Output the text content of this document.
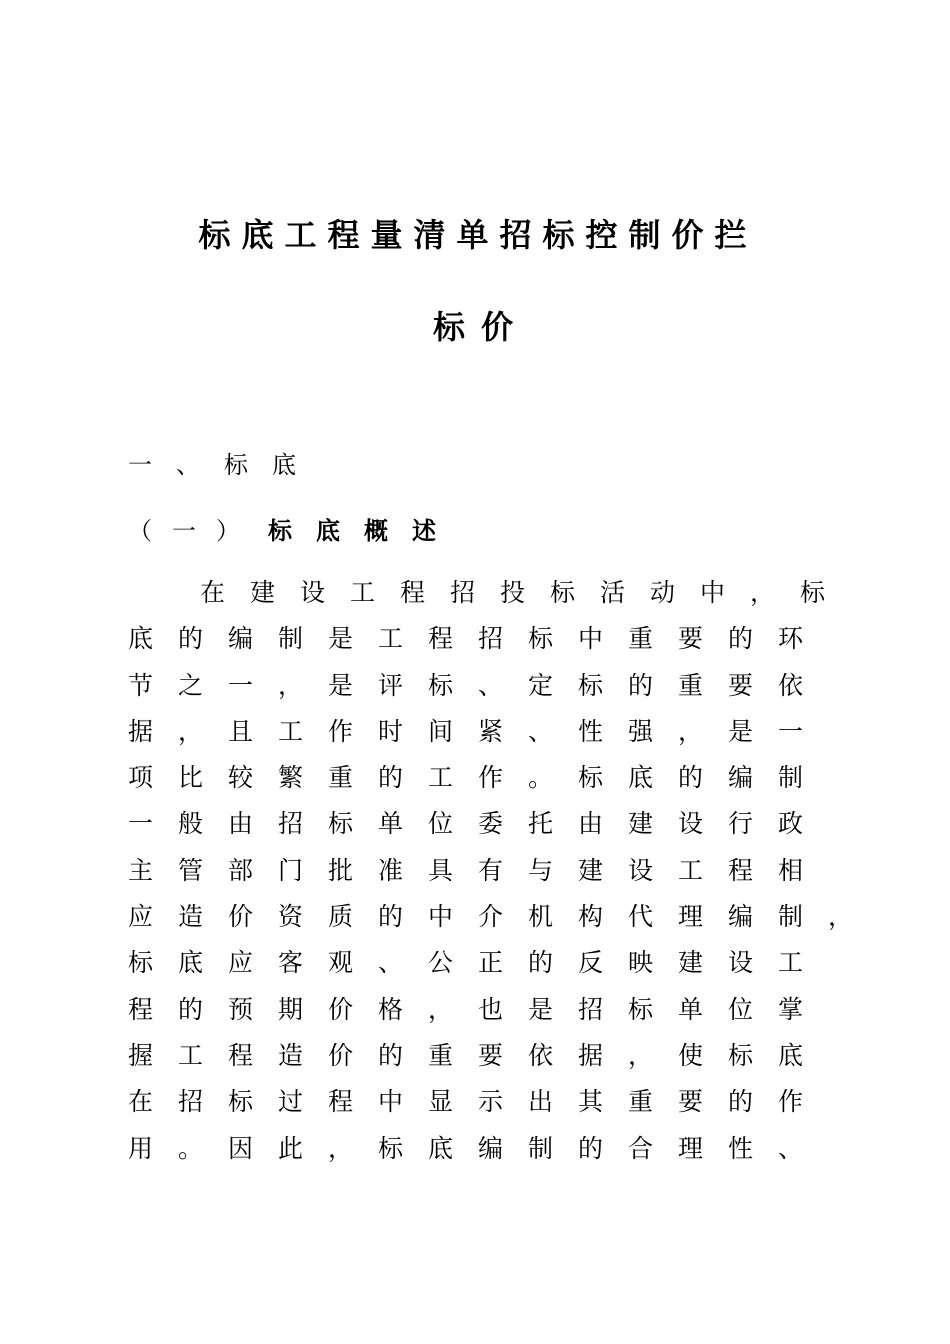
标底工程量清单招标控制价拦
标价
一、标底
（一） 标底概述
在建设工程招投标活动中，标
底的编制是工程招标中重要的环
节之一，是评标、定标的重要依
据，且工作时间紧、性强，是一
项比较繁重的工作。标底的编制
一般由招标单位委托由建设行政
主管部门批准具有与建设工程相
应造价资质的中介机构代理编制，
标底应客观、公正的反映建设工
程的预期价格，也是招标单位掌
握工程造价的重要依据，使标底
在招标过程中显示出其重要的作
用。因此，标底编制的合理性、
